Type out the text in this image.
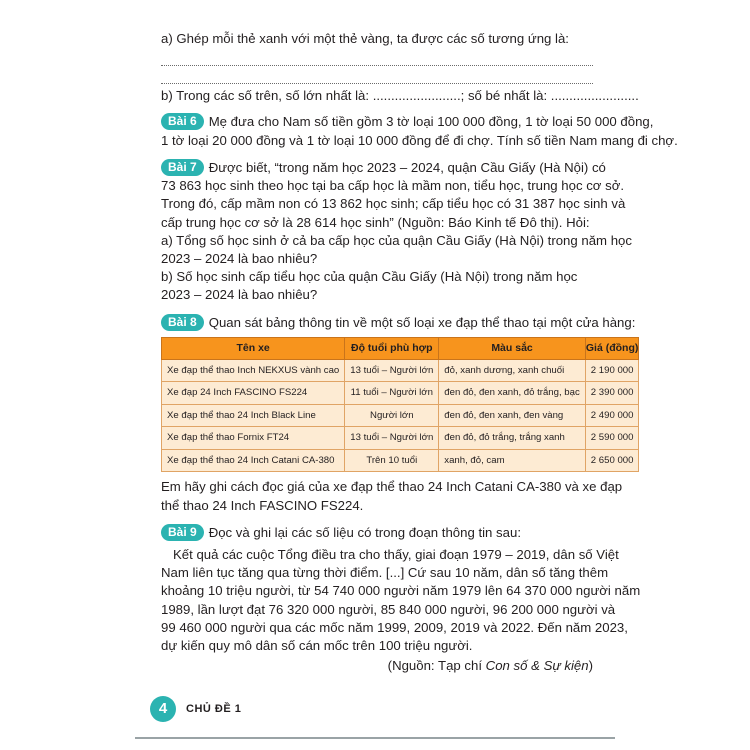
a) Ghép mỗi thẻ xanh với một thẻ vàng, ta được các số tương ứng là:
b) Trong các số trên, số lớn nhất là: ........................; số bé nhất là: ........................
Bài 6 Mẹ đưa cho Nam số tiền gồm 3 tờ loại 100 000 đồng, 1 tờ loại 50 000 đồng,
1 tờ loại 20 000 đồng và 1 tờ loại 10 000 đồng để đi chợ. Tính số tiền Nam mang đi chợ.
Bài 7 Được biết, “trong năm học 2023 – 2024, quận Cầu Giấy (Hà Nội) có
73 863 học sinh theo học tại ba cấp học là mầm non, tiểu học, trung học cơ sở.
Trong đó, cấp mầm non có 13 862 học sinh; cấp tiểu học có 31 387 học sinh và
cấp trung học cơ sở là 28 614 học sinh” (Nguồn: Báo Kinh tế Đô thị). Hỏi:
a) Tổng số học sinh ở cả ba cấp học của quận Cầu Giấy (Hà Nội) trong năm học
2023 – 2024 là bao nhiêu?
b) Số học sinh cấp tiểu học của quận Cầu Giấy (Hà Nội) trong năm học
2023 – 2024 là bao nhiêu?
Bài 8 Quan sát bảng thông tin về một số loại xe đạp thể thao tại một cửa hàng:
Tên xe	Độ tuổi phù hợp	Màu sắc	Giá (đồng)
Xe đạp thể thao Inch NEKXUS vành cao	13 tuổi – Người lớn	đỏ, xanh dương, xanh chuối	2 190 000
Xe đạp 24 Inch FASCINO FS224	11 tuổi – Người lớn	đen đỏ, đen xanh, đỏ trắng, bạc	2 390 000
Xe đạp thể thao 24 Inch Black Line	Người lớn	đen đỏ, đen xanh, đen vàng	2 490 000
Xe đạp thể thao Fornix FT24	13 tuổi – Người lớn	đen đỏ, đỏ trắng, trắng xanh	2 590 000
Xe đạp thể thao 24 Inch Catani CA-380	Trên 10 tuổi	xanh, đỏ, cam	2 650 000
Em hãy ghi cách đọc giá của xe đạp thể thao 24 Inch Catani CA-380 và xe đạp
thể thao 24 Inch FASCINO FS224.
Bài 9 Đọc và ghi lại các số liệu có trong đoạn thông tin sau:
Kết quả các cuộc Tổng điều tra cho thấy, giai đoạn 1979 – 2019, dân số Việt
Nam liên tục tăng qua từng thời điểm. [...] Cứ sau 10 năm, dân số tăng thêm
khoảng 10 triệu người, từ 54 740 000 người năm 1979 lên 64 370 000 người năm
1989, lần lượt đạt 76 320 000 người, 85 840 000 người, 96 200 000 người và
99 460 000 người qua các mốc năm 1999, 2009, 2019 và 2022. Đến năm 2023,
dự kiến quy mô dân số cán mốc trên 100 triệu người.
(Nguồn: Tạp chí Con số & Sự kiện)
4	CHỦ ĐỀ 1
